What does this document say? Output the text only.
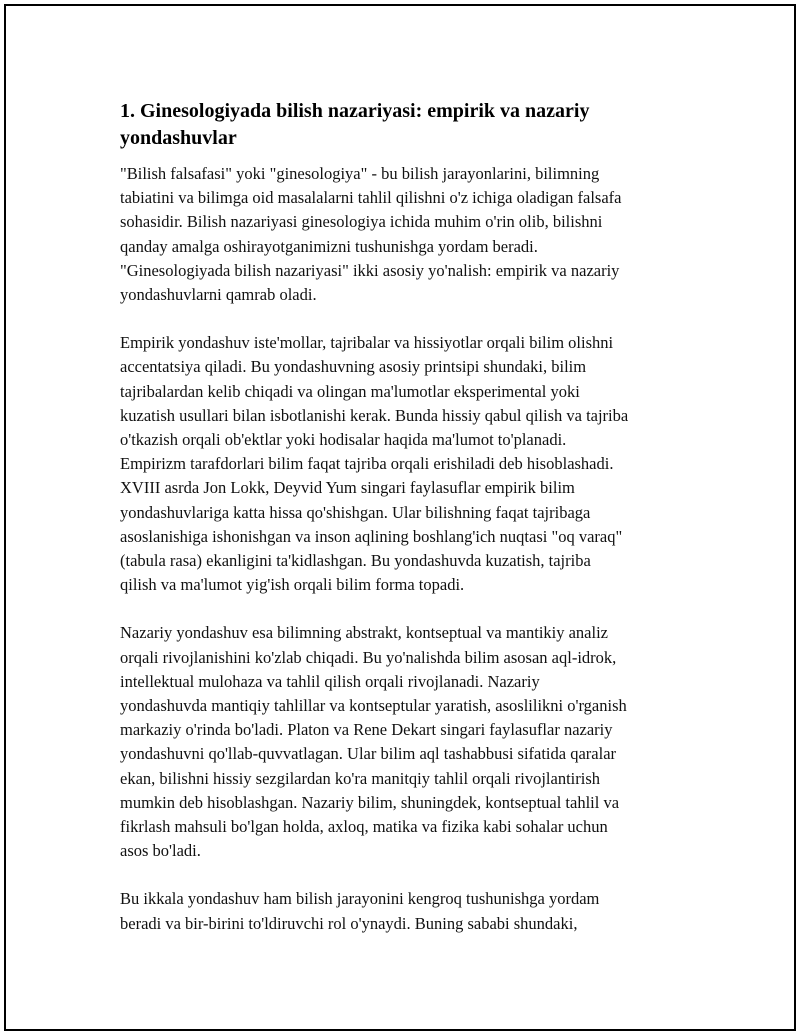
1. Ginesologiyada bilish nazariyasi: empirik va nazariy
yondashuvlar

"Bilish falsafasi" yoki "ginesologiya" - bu bilish jarayonlarini, bilimning
tabiatini va bilimga oid masalalarni tahlil qilishni o'z ichiga oladigan falsafa
sohasidir. Bilish nazariyasi ginesologiya ichida muhim o'rin olib, bilishni
qanday amalga oshirayotganimizni tushunishga yordam beradi.
"Ginesologiyada bilish nazariyasi" ikki asosiy yo'nalish: empirik va nazariy
yondashuvlarni qamrab oladi.

Empirik yondashuv iste'mollar, tajribalar va hissiyotlar orqali bilim olishni
accentatsiya qiladi. Bu yondashuvning asosiy printsipi shundaki, bilim
tajribalardan kelib chiqadi va olingan ma'lumotlar eksperimental yoki
kuzatish usullari bilan isbotlanishi kerak. Bunda hissiy qabul qilish va tajriba
o'tkazish orqali ob'ektlar yoki hodisalar haqida ma'lumot to'planadi.
Empirizm tarafdorlari bilim faqat tajriba orqali erishiladi deb hisoblashadi.
XVIII asrda Jon Lokk, Deyvid Yum singari faylasuflar empirik bilim
yondashuvlariga katta hissa qo'shishgan. Ular bilishning faqat tajribaga
asoslanishiga ishonishgan va inson aqlining boshlang'ich nuqtasi "oq varaq"
(tabula rasa) ekanligini ta'kidlashgan. Bu yondashuvda kuzatish, tajriba
qilish va ma'lumot yig'ish orqali bilim forma topadi.

Nazariy yondashuv esa bilimning abstrakt, kontseptual va mantikiy analiz
orqali rivojlanishini ko'zlab chiqadi. Bu yo'nalishda bilim asosan aql-idrok,
intellektual mulohaza va tahlil qilish orqali rivojlanadi. Nazariy
yondashuvda mantiqiy tahlillar va kontseptular yaratish, asoslilikni o'rganish
markaziy o'rinda bo'ladi. Platon va Rene Dekart singari faylasuflar nazariy
yondashuvni qo'llab-quvvatlagan. Ular bilim aql tashabbusi sifatida qaralar
ekan, bilishni hissiy sezgilardan ko'ra manitqiy tahlil orqali rivojlantirish
mumkin deb hisoblashgan. Nazariy bilim, shuningdek, kontseptual tahlil va
fikrlash mahsuli bo'lgan holda, axloq, matika va fizika kabi sohalar uchun
asos bo'ladi.

Bu ikkala yondashuv ham bilish jarayonini kengroq tushunishga yordam
beradi va bir-birini to'ldiruvchi rol o'ynaydi. Buning sababi shundaki,
